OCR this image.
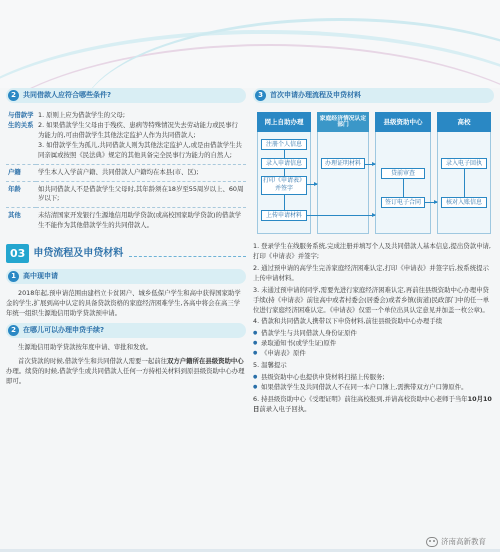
2	共同借款人应符合哪些条件?
与借款学生的关系	1. 原则上应为借款学生的父母;
2. 如果借款学生父母由于残疾、患病等特殊情况失去劳动能力或民事行为能力的,可由借款学生其他法定监护人作为共同借款人;
3. 如借款学生为孤儿,共同借款人则为其他法定监护人,或是由借款学生共同亲属或按照《民法典》规定的其他具备完全民事行为能力的自然人;

户籍	学生本人入学前户籍、共同借款人户籍均在本县(市、区);
年龄	如共同借款人不是借款学生父母时,其年龄须在18岁至55周岁以上、60周岁以下;
其他	未结清国家开发银行生源地信用助学贷款(或高校国家助学贷款)的借款学生不能作为其他借款学生的共同借款人。
03 申贷流程及申贷材料
1	高中现申请

2018年起,预申请范围由建档立卡贫困户、城乡低保户学生和高中获得国家助学金的学生,扩展到高中认定的具备贷款资格的家庭经济困难学生,各高中将会在高三学年统一组织生源地信用助学贷款预申请。

2	在哪儿可以办理申贷手续?

生源地信用助学贷款按年度申请、审批和发放。

首次贷款的时候,借款学生和共同借款人需要一起前往双方户籍所在县级资助中心办理。续贷的时候,借款学生或共同借款人任何一方持相关材料到原县级资助中心办理即可。

3	首次申请办理流程及申贷材料
网上自助办理	家庭经济情况认定部门	县级资助中心	高校
注册个人信息
录入申请信息
打印《申请表》并签字
上传申请材料
办理证明材料
贷前审查
签订电子合同
录入电子回执
核对入账信息
1. 登录学生在线服务系统,完成注册并填写个人及共同借款人基本信息,提出贷款申请,打印《申请表》并签字;
2. 通过预申请的高学生完善家庭经济困难认定,打印《申请表》并签字后,按系统提示上传申请材料。
3. 未通过预申请的同学,需要先进行家庭经济困难认定,再前往县级资助中心办理申贷手续(持《申请表》前往高中或者村委会(居委会)或者乡镇(街道)民政部门中的任一单位进行家庭经济困难认定。《申请表》仅需一个单位出具认定意见并加盖一枚公章)。
4. 借款和共同借款人携带以下申贷材料,前往县级资助中心办理手续
● 借款学生与共同借款人身份证原件
● 录取通知书(或学生证)原件
● 《申请表》原件
5. 温馨提示
● 县级资助中心也提供申贷材料扫描上传服务;
● 如果借款学生及共同借款人不在同一本户口簿上,需携带双方户口簿原件。
6. 持县级资助中心《受理证明》前往高校报到,并请高校资助中心老师于当年10月10日前录入电子回执。
济南高新教育
